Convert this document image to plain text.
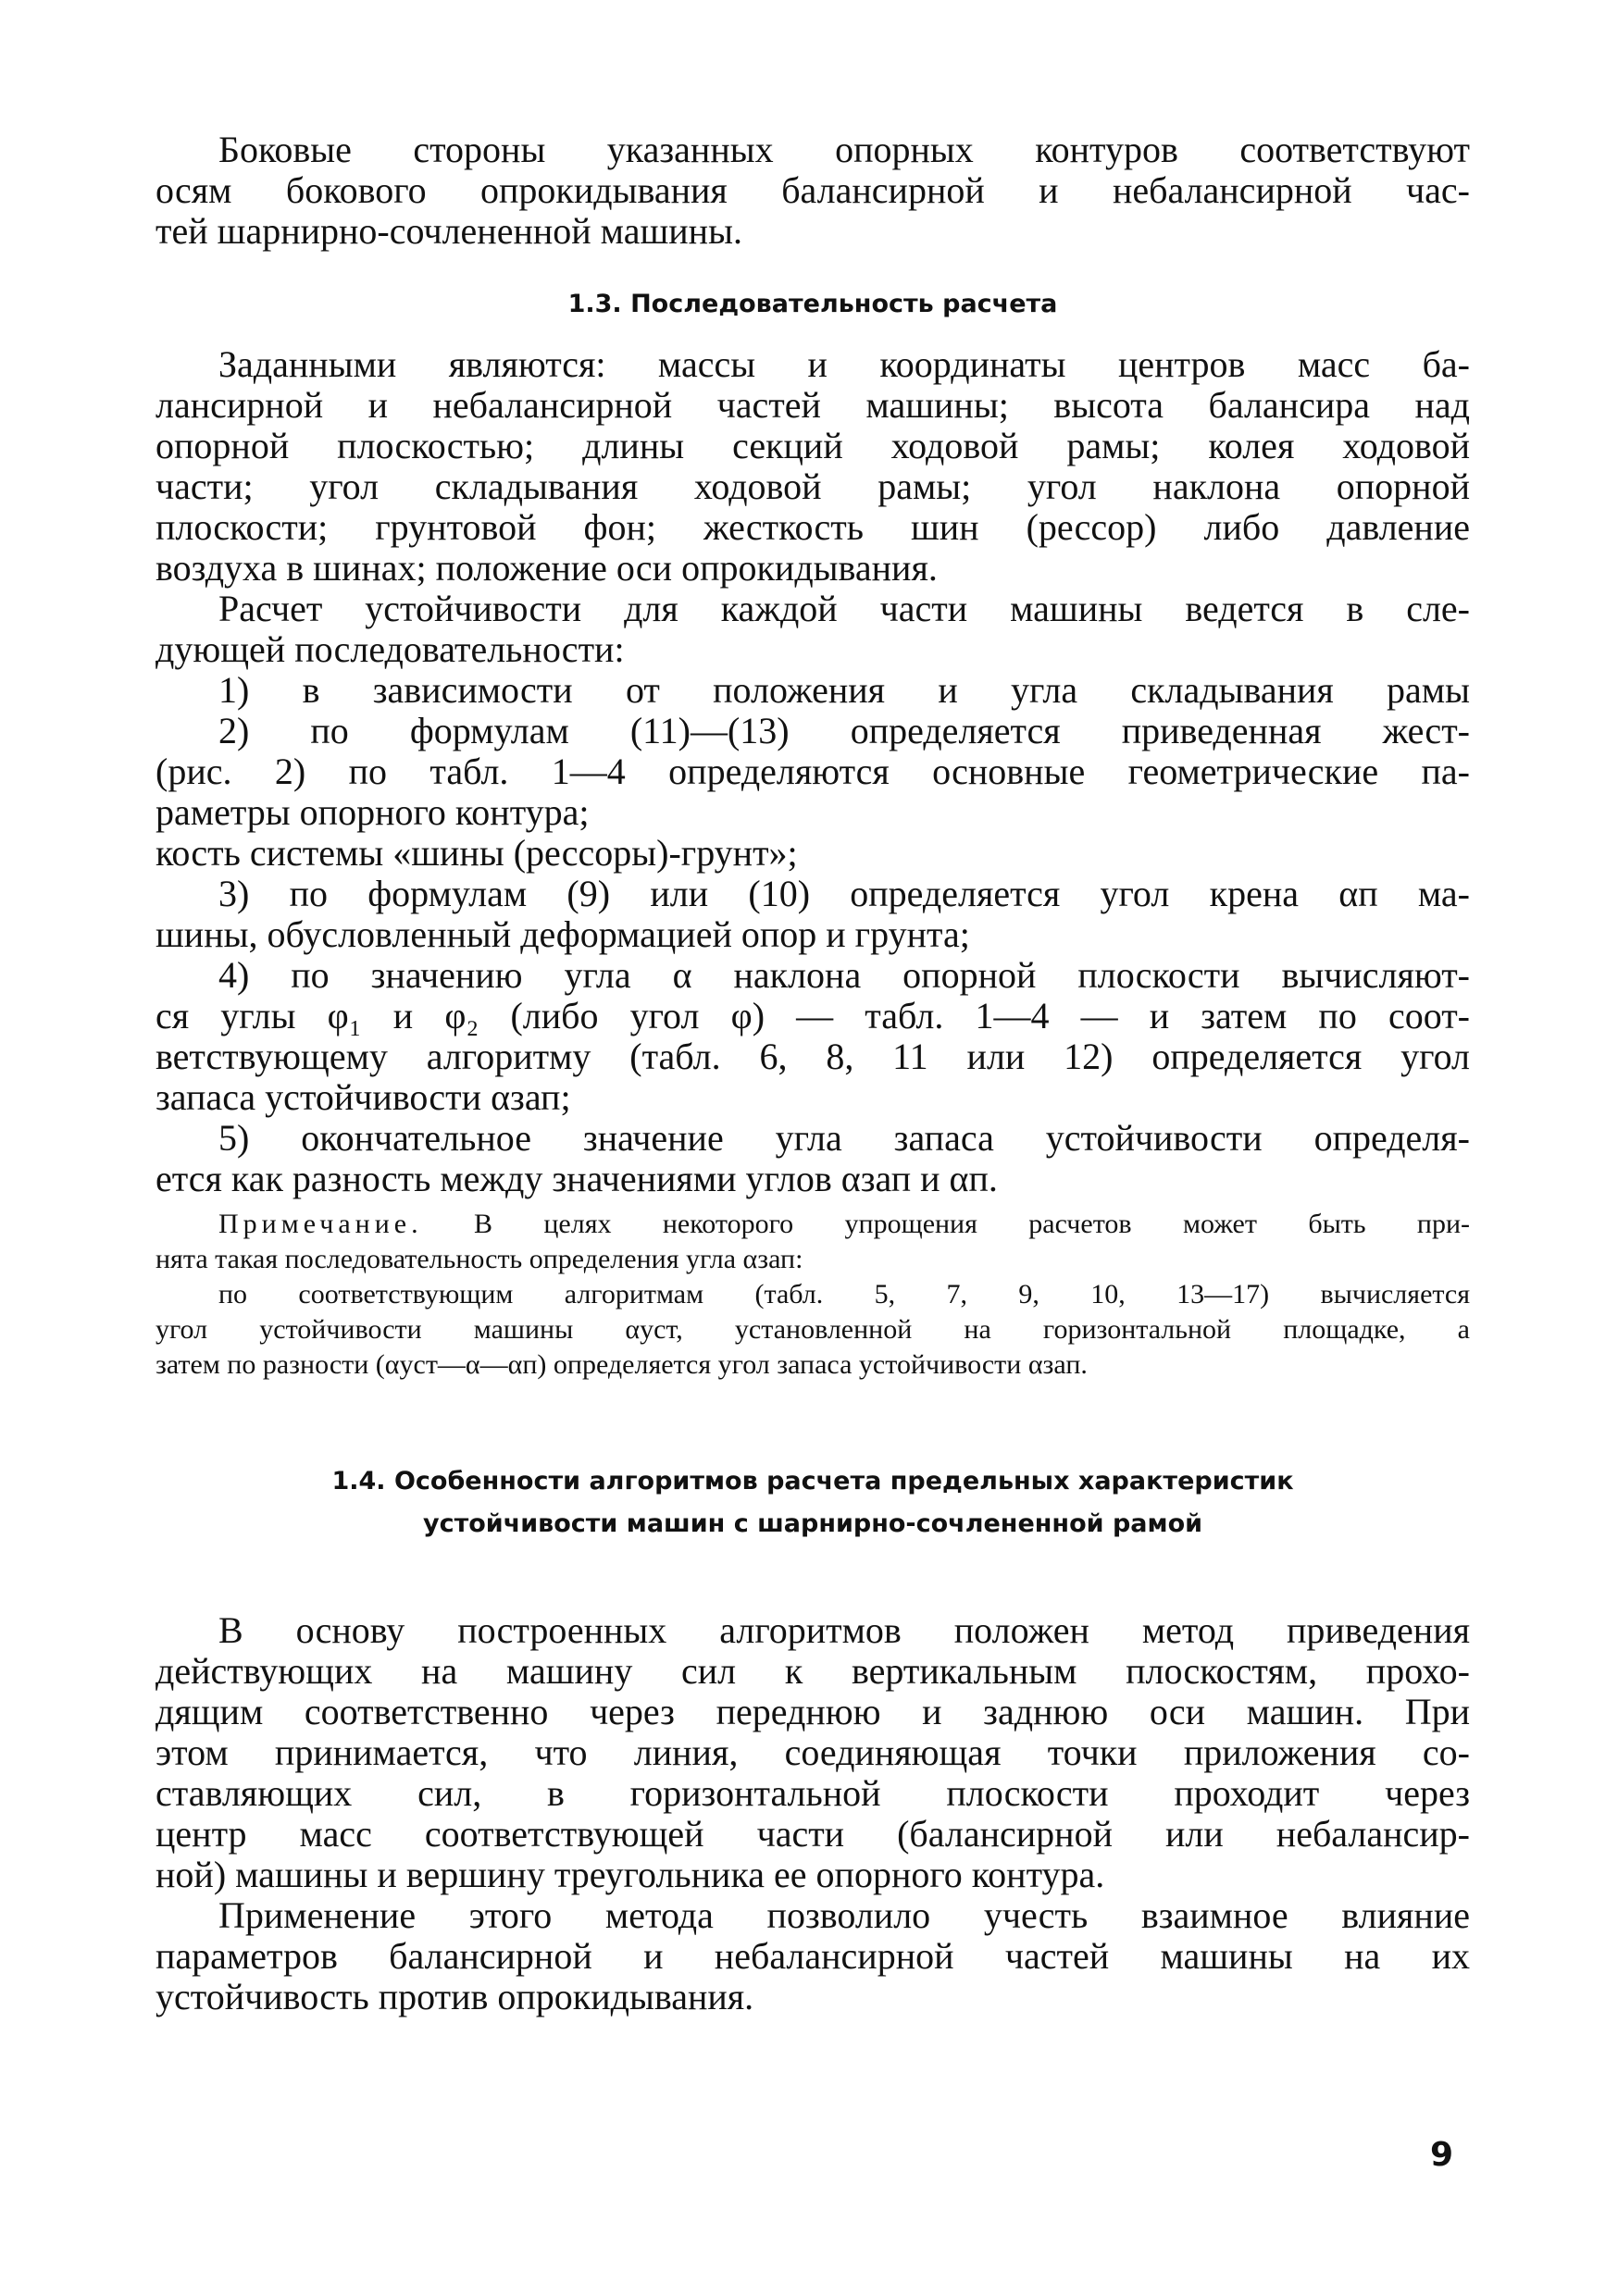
Боковые стороны указанных опорных контуров соответствуют

осям бокового опрокидывания балансирной и небалансирной час-

тей шарнирно-сочлененной машины.

1.3. Последовательность расчета

Заданными являются: массы и координаты центров масс ба-

лансирной и небалансирной частей машины; высота балансира над

опорной плоскостью; длины секций ходовой рамы; колея ходовой

части; угол складывания ходовой рамы; угол наклона опорной

плоскости; грунтовой фон; жесткость шин (рессор) либо давление

воздуха в шинах; положение оси опрокидывания.

Расчет устойчивости для каждой части машины ведется в сле-

дующей последовательности:

1) в зависимости от положения и угла складывания рамы

2) по формулам (11)—(13) определяется приведенная жест-

(рис. 2) по табл. 1—4 определяются основные геометрические па-

раметры опорного контура;

кость системы «шины (рессоры)-грунт»;

3) по формулам (9) или (10) определяется угол крена αп ма-

шины, обусловленный деформацией опор и грунта;

4) по значению угла α наклона опорной плоскости вычисляют-

ся углы φ₁ и φ₂ (либо угол φ) — табл. 1—4 — и затем по соот-

ветствующему алгоритму (табл. 6, 8, 11 или 12) определяется угол

запаса устойчивости αзап;

5) окончательное значение угла запаса устойчивости определя-

ется как разность между значениями углов αзап и αп.

Примечание. В целях некоторого упрощения расчетов может быть при-

нята такая последовательность определения угла αзап:

по соответствующим алгоритмам (табл. 5, 7, 9, 10, 13—17) вычисляется

угол устойчивости машины αуст, установленной на горизонтальной площадке, а

затем по разности (αуст—α—αп) определяется угол запаса устойчивости αзап.

1.4. Особенности алгоритмов расчета предельных характеристик

устойчивости машин с шарнирно-сочлененной рамой

В основу построенных алгоритмов положен метод приведения

действующих на машину сил к вертикальным плоскостям, прохо-

дящим соответственно через переднюю и заднюю оси машин. При

этом принимается, что линия, соединяющая точки приложения со-

ставляющих сил, в горизонтальной плоскости проходит через

центр масс соответствующей части (балансирной или небалансир-

ной) машины и вершину треугольника ее опорного контура.

Применение этого метода позволило учесть взаимное влияние

параметров балансирной и небалансирной частей машины на их

устойчивость против опрокидывания.

9
